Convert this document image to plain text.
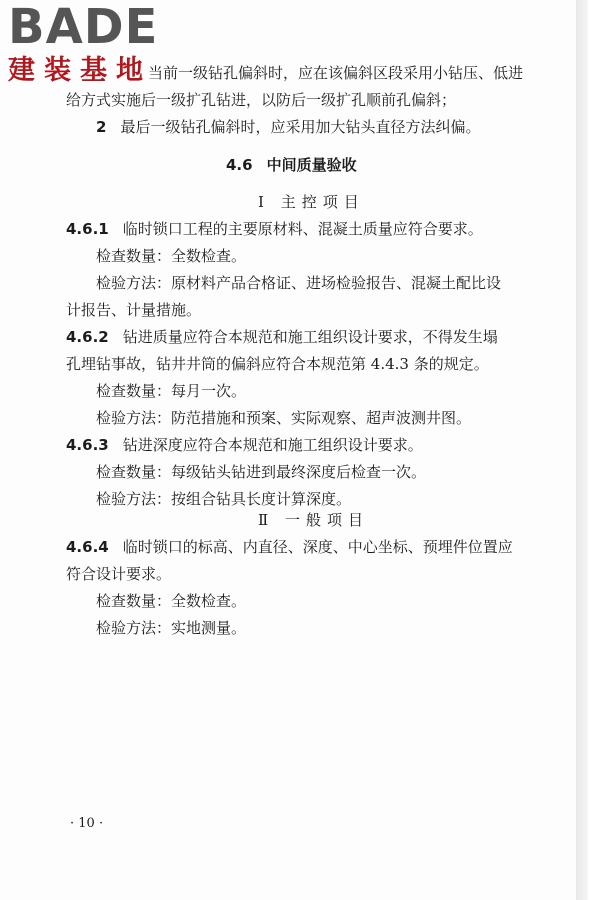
BADE
建装基地
当前一级钻孔偏斜时，应在该偏斜区段采用小钻压、低进
给方式实施后一级扩孔钻进，以防后一级扩孔顺前孔偏斜；
2 最后一级钻孔偏斜时，应采用加大钻头直径方法纠偏。
4.6 中间质量验收
Ⅰ 主控项目
4.6.1 临时锁口工程的主要原材料、混凝土质量应符合要求。
检查数量：全数检查。
检验方法：原材料产品合格证、进场检验报告、混凝土配比设
计报告、计量措施。
4.6.2 钻进质量应符合本规范和施工组织设计要求，不得发生塌
孔埋钻事故，钻井井筒的偏斜应符合本规范第 4.4.3 条的规定。
检查数量：每月一次。
检验方法：防范措施和预案、实际观察、超声波测井图。
4.6.3 钻进深度应符合本规范和施工组织设计要求。
检查数量：每级钻头钻进到最终深度后检查一次。
检验方法：按组合钻具长度计算深度。
Ⅱ 一般项目
4.6.4 临时锁口的标高、内直径、深度、中心坐标、预埋件位置应
符合设计要求。
检查数量：全数检查。
检验方法：实地测量。
· 10 ·
